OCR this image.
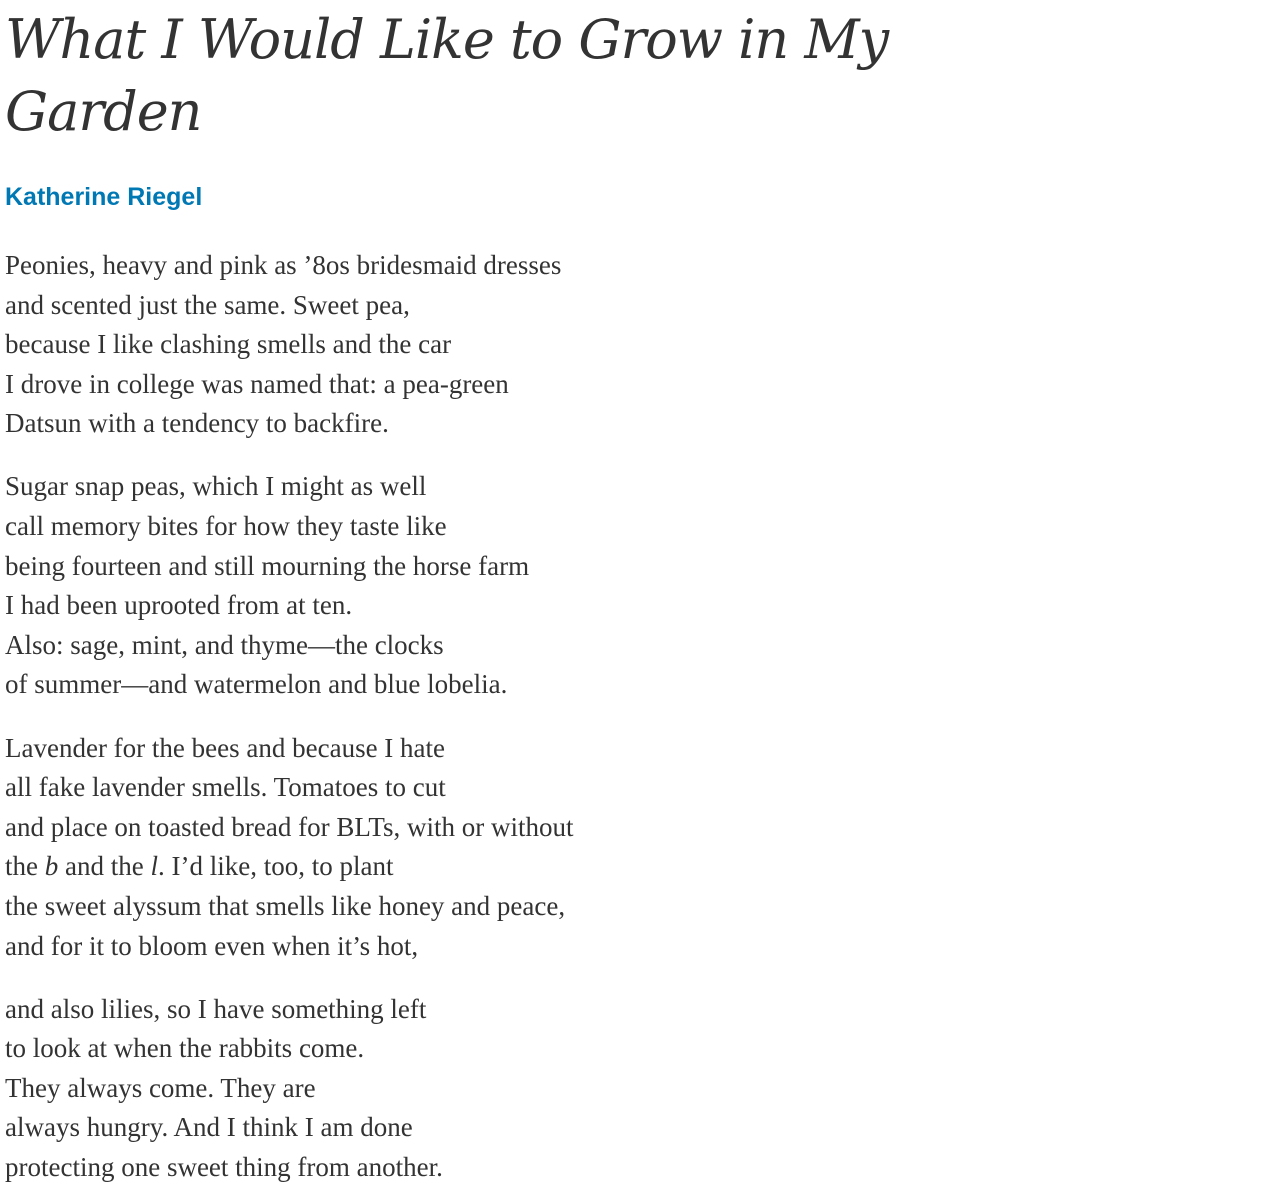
What I Would Like to Grow in My Garden
Katherine Riegel
Peonies, heavy and pink as ’8os bridesmaid dresses
and scented just the same. Sweet pea,
because I like clashing smells and the car
I drove in college was named that: a pea-green
Datsun with a tendency to backfire.
Sugar snap peas, which I might as well
call memory bites for how they taste like
being fourteen and still mourning the horse farm
I had been uprooted from at ten.
Also: sage, mint, and thyme—the clocks
of summer—and watermelon and blue lobelia.
Lavender for the bees and because I hate
all fake lavender smells. Tomatoes to cut
and place on toasted bread for BLTs, with or without
the b and the l. I’d like, too, to plant
the sweet alyssum that smells like honey and peace,
and for it to bloom even when it’s hot,
and also lilies, so I have something left
to look at when the rabbits come.
They always come. They are
always hungry. And I think I am done
protecting one sweet thing from another.
